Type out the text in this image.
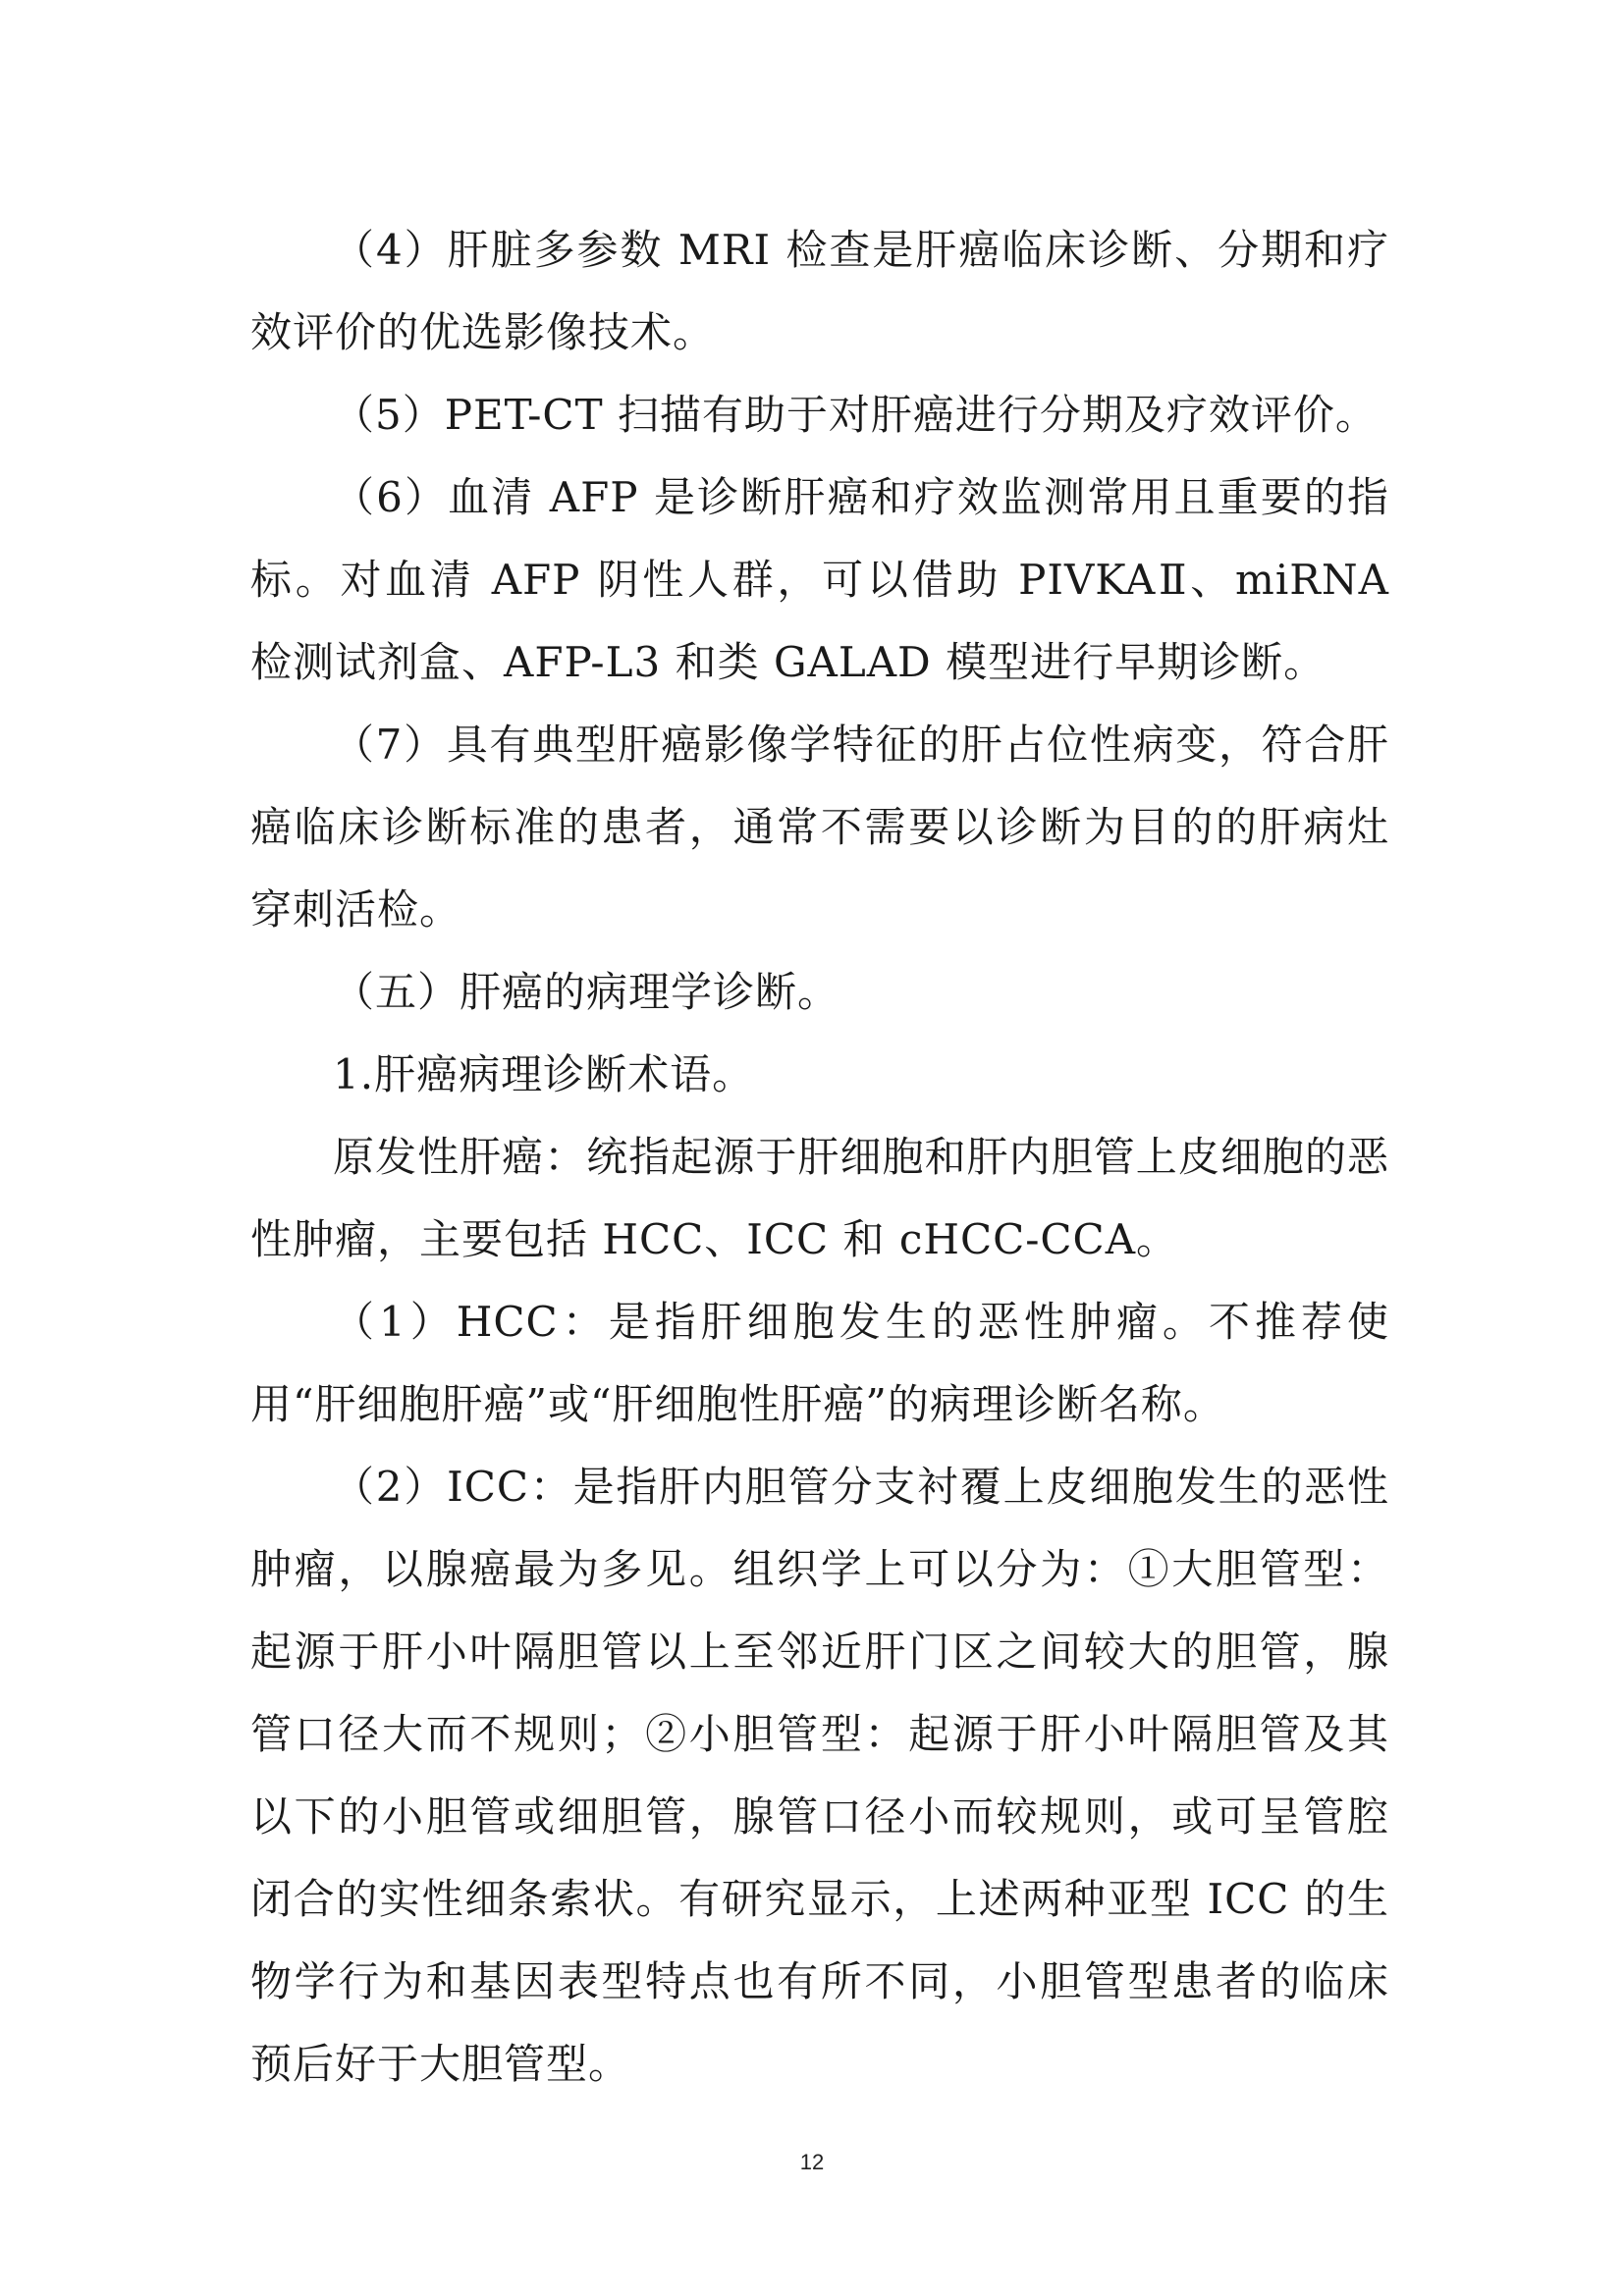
（4）肝脏多参数 MRI 检查是肝癌临床诊断、分期和疗效评价的优选影像技术。

（5）PET-CT 扫描有助于对肝癌进行分期及疗效评价。

（6）血清 AFP 是诊断肝癌和疗效监测常用且重要的指标。对血清 AFP 阴性人群，可以借助 PIVKAⅡ、miRNA 检测试剂盒、AFP-L3 和类 GALAD 模型进行早期诊断。

（7）具有典型肝癌影像学特征的肝占位性病变，符合肝癌临床诊断标准的患者，通常不需要以诊断为目的的肝病灶穿刺活检。

（五）肝癌的病理学诊断。

1.肝癌病理诊断术语。

原发性肝癌：统指起源于肝细胞和肝内胆管上皮细胞的恶性肿瘤，主要包括 HCC、ICC 和 cHCC-CCA。

（1）HCC：是指肝细胞发生的恶性肿瘤。不推荐使用“肝细胞肝癌”或“肝细胞性肝癌”的病理诊断名称。

（2）ICC：是指肝内胆管分支衬覆上皮细胞发生的恶性肿瘤，以腺癌最为多见。组织学上可以分为：①大胆管型：起源于肝小叶隔胆管以上至邻近肝门区之间较大的胆管，腺管口径大而不规则；②小胆管型：起源于肝小叶隔胆管及其以下的小胆管或细胆管，腺管口径小而较规则，或可呈管腔闭合的实性细条索状。有研究显示，上述两种亚型 ICC 的生物学行为和基因表型特点也有所不同，小胆管型患者的临床预后好于大胆管型。

12
